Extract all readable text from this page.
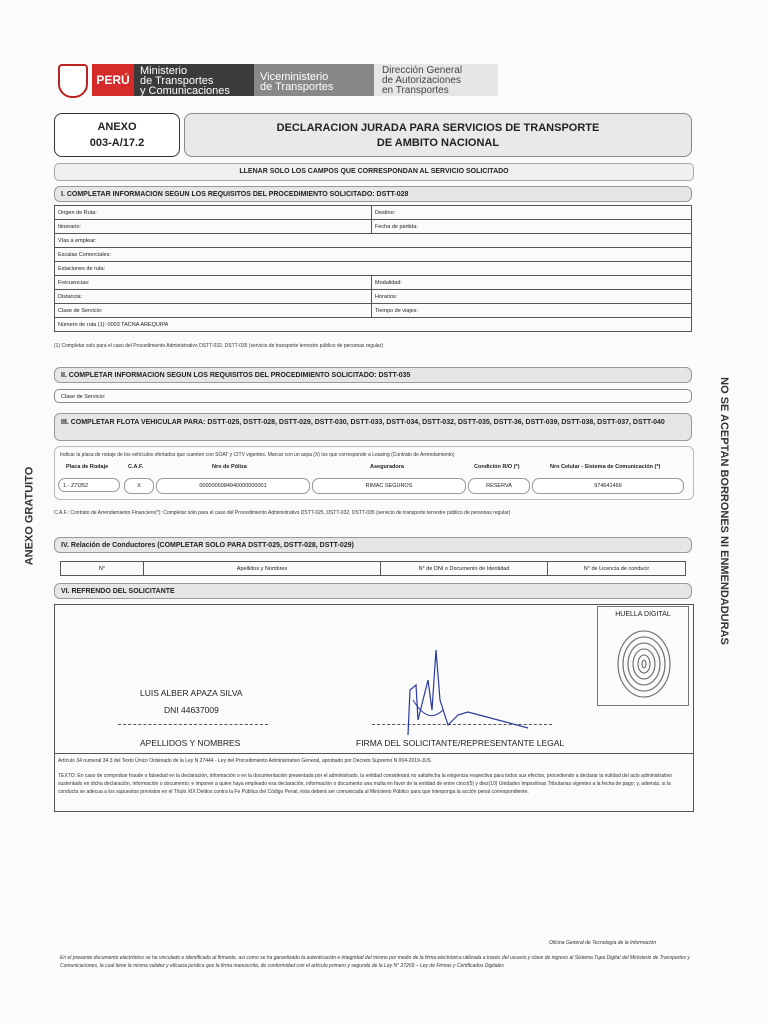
PERÚ
Ministerio
de Transportes
y Comunicaciones
Viceministerio
de Transportes
Dirección General
de Autorizaciones
en Transportes
ANEXO
003-A/17.2
DECLARACION JURADA PARA SERVICIOS DE TRANSPORTE
DE AMBITO NACIONAL
LLENAR SOLO LOS CAMPOS QUE CORRESPONDAN AL SERVICIO SOLICITADO
I. COMPLETAR INFORMACION SEGUN LOS REQUISITOS DEL PROCEDIMIENTO SOLICITADO: DSTT-028
Origen de Ruta:	Destino:
Itinerario:	Fecha de partida:
Vías a emplear:	
Escalas Comerciales:	
Estaciones de ruta:	
Frecuencias:	Modalidad:
Distancia:	Horarios:
Clase de Servicio:	Tiempo de viajes:
Número de ruta (1): 0003 TACNA AREQUIPA	
(1) Completar solo para el caso del Procedimiento Administrativo DSTT-032, DSTT-035 (servicio de transporte terrestre público de personas regular)
II. COMPLETAR INFORMACION SEGUN LOS REQUISITOS DEL PROCEDIMIENTO SOLICITADO: DSTT-035
Clase de Servicio:
III. COMPLETAR FLOTA VEHICULAR PARA: DSTT-025, DSTT-028, DSTT-029, DSTT-030, DSTT-033, DSTT-034, DSTT-032, DSTT-035, DSTT-36, DSTT-039, DSTT-038, DSTT-037, DSTT-040
Indicar la placa de rodaje de los vehículos ofertados que cuenten con SOAT y CITV vigentes. Marcar con un aspa (X) los que corresponde a Leasing (Contrato de Arrendamiento)
Placa de Rodaje	C.A.F.	Nro de Póliza	Aseguradora	Condición R/O (*)	Nro Celular - Sistema de Comunicación (*)
1.- Z7I352	X	0000006984940000000001	RIMAC SEGUROS	RESERVA	974641466
C.A.F.: Contrato de Arrendamiento Financiero(*): Completar solo para el caso del Procedimiento Administrativo DSTT-025, DSTT-032, DSTT-035 (servicio de transporte terrestre público de personas regular)
IV. Relación de Conductores (COMPLETAR SOLO PARA DSTT-025, DSTT-028, DSTT-029)
N°	Apellidos y Nombres	N° de DNI o Documento de Identidad	N° de Licencia de conducir
VI. REFRENDO DEL SOLICITANTE
HUELLA DIGITAL
LUIS ALBER APAZA SILVA
DNI 44637009
APELLIDOS Y NOMBRES	FIRMA DEL SOLICITANTE/REPRESENTANTE LEGAL
Artículo 34 numeral 34.3 del Texto Único Ordenado de la Ley N 27444 - Ley del Procedimiento Administrativo General, aprobado por Decreto Supremo N 004-2019-JUS
TEXTO: En caso de comprobar fraude o falsedad en la declaración, información o en la documentación presentada por el administrado, la entidad considerará no satisfecha la exigencia respectiva para todos sus efectos, procediendo a declarar la nulidad del acto administrativo sustentado en dicha declaración, información o documento; e imponer a quien haya empleado esa declaración, información o documento una multa en favor de la entidad de entre cinco(5) y diez(10) Unidades Impositivas Tributarias vigentes a la fecha de pago; y, además, si la conducta se adecua a los supuestos previstos en el Título XIX Delitos contra la Fe Pública del Código Penal, ésta deberá ser comunicada al Ministerio Público para que interponga la acción penal correspondiente.
ANEXO GRATUITO	NO SE ACEPTAN BORRONES NI ENMENDADURAS
Oficina General de Tecnología de la Información
En el presente documento electrónico se ha vinculado e identificado al firmante, así como se ha garantizado la autenticación e integridad del mismo por medio de la firma electrónica utilizada a través del usuario y clave de ingreso al Sistema Tupa Digital del Ministerio de Transportes y Comunicaciones, la cual tiene la misma validez y eficacia jurídica que la firma manuscrita, de conformidad con el artículo primero y segundo de la Ley N° 27269 – Ley de Firmas y Certificados Digitales
